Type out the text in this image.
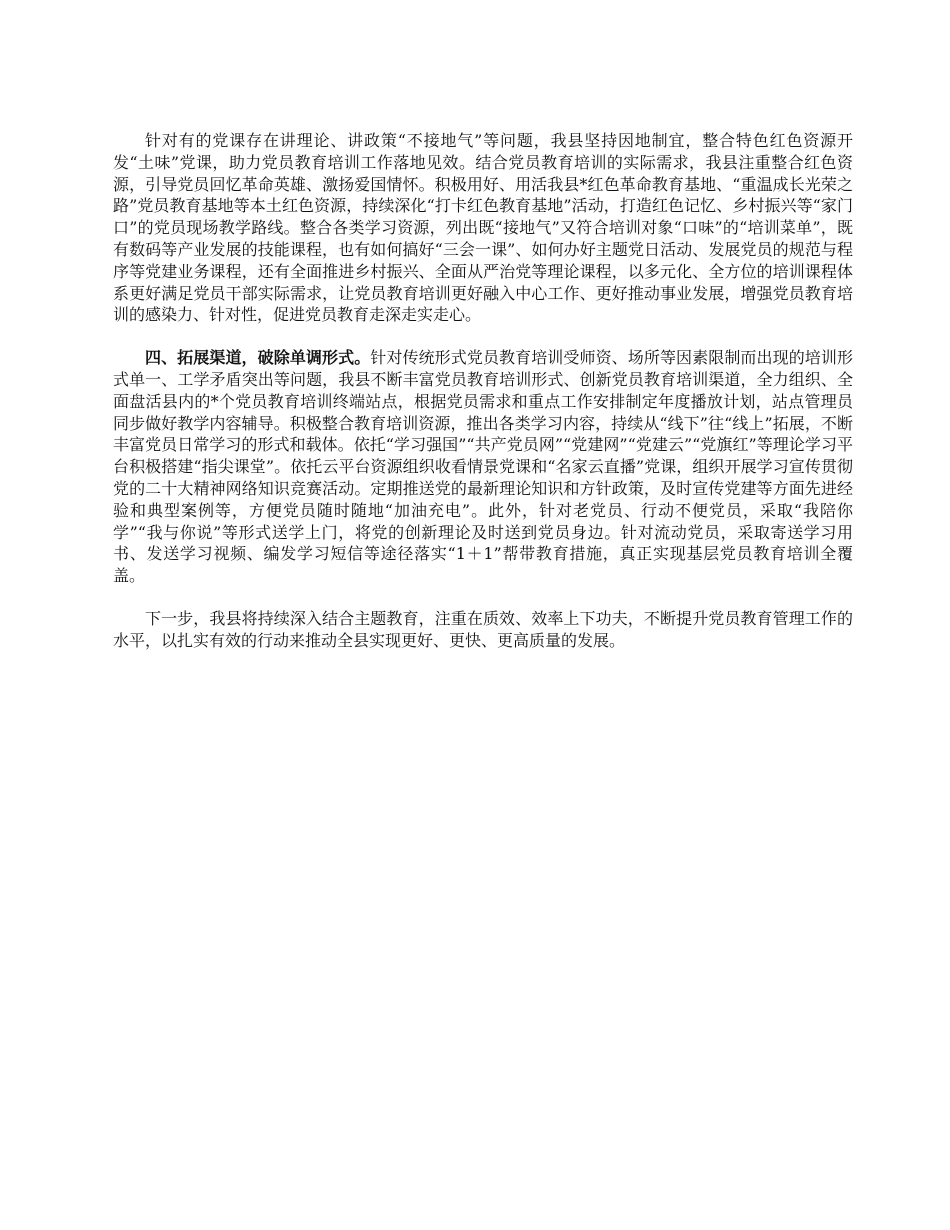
针对有的党课存在讲理论、讲政策“不接地气”等问题，我县坚持因地制宜，整合特色红色资源开发“土味”党课，助力党员教育培训工作落地见效。结合党员教育培训的实际需求，我县注重整合红色资源，引导党员回忆革命英雄、激扬爱国情怀。积极用好、用活我县*红色革命教育基地、“重温成长光荣之路”党员教育基地等本土红色资源，持续深化“打卡红色教育基地”活动，打造红色记忆、乡村振兴等“家门口”的党员现场教学路线。整合各类学习资源，列出既“接地气”又符合培训对象“口味”的“培训菜单”，既有数码等产业发展的技能课程，也有如何搞好“三会一课”、如何办好主题党日活动、发展党员的规范与程序等党建业务课程，还有全面推进乡村振兴、全面从严治党等理论课程，以多元化、全方位的培训课程体系更好满足党员干部实际需求，让党员教育培训更好融入中心工作、更好推动事业发展，增强党员教育培训的感染力、针对性，促进党员教育走深走实走心。

四、拓展渠道，破除单调形式。针对传统形式党员教育培训受师资、场所等因素限制而出现的培训形式单一、工学矛盾突出等问题，我县不断丰富党员教育培训形式、创新党员教育培训渠道，全力组织、全面盘活县内的*个党员教育培训终端站点，根据党员需求和重点工作安排制定年度播放计划，站点管理员同步做好教学内容辅导。积极整合教育培训资源，推出各类学习内容，持续从“线下”往“线上”拓展，不断丰富党员日常学习的形式和载体。依托“学习强国”“共产党员网”“党建网”“党建云”“党旗红”等理论学习平台积极搭建“指尖课堂”。依托云平台资源组织收看情景党课和“名家云直播”党课，组织开展学习宣传贯彻党的二十大精神网络知识竞赛活动。定期推送党的最新理论知识和方针政策，及时宣传党建等方面先进经验和典型案例等，方便党员随时随地“加油充电”。此外，针对老党员、行动不便党员，采取“我陪你学”“我与你说”等形式送学上门，将党的创新理论及时送到党员身边。针对流动党员，采取寄送学习用书、发送学习视频、编发学习短信等途径落实“1＋1”帮带教育措施，真正实现基层党员教育培训全覆盖。

下一步，我县将持续深入结合主题教育，注重在质效、效率上下功夫，不断提升党员教育管理工作的水平，以扎实有效的行动来推动全县实现更好、更快、更高质量的发展。
